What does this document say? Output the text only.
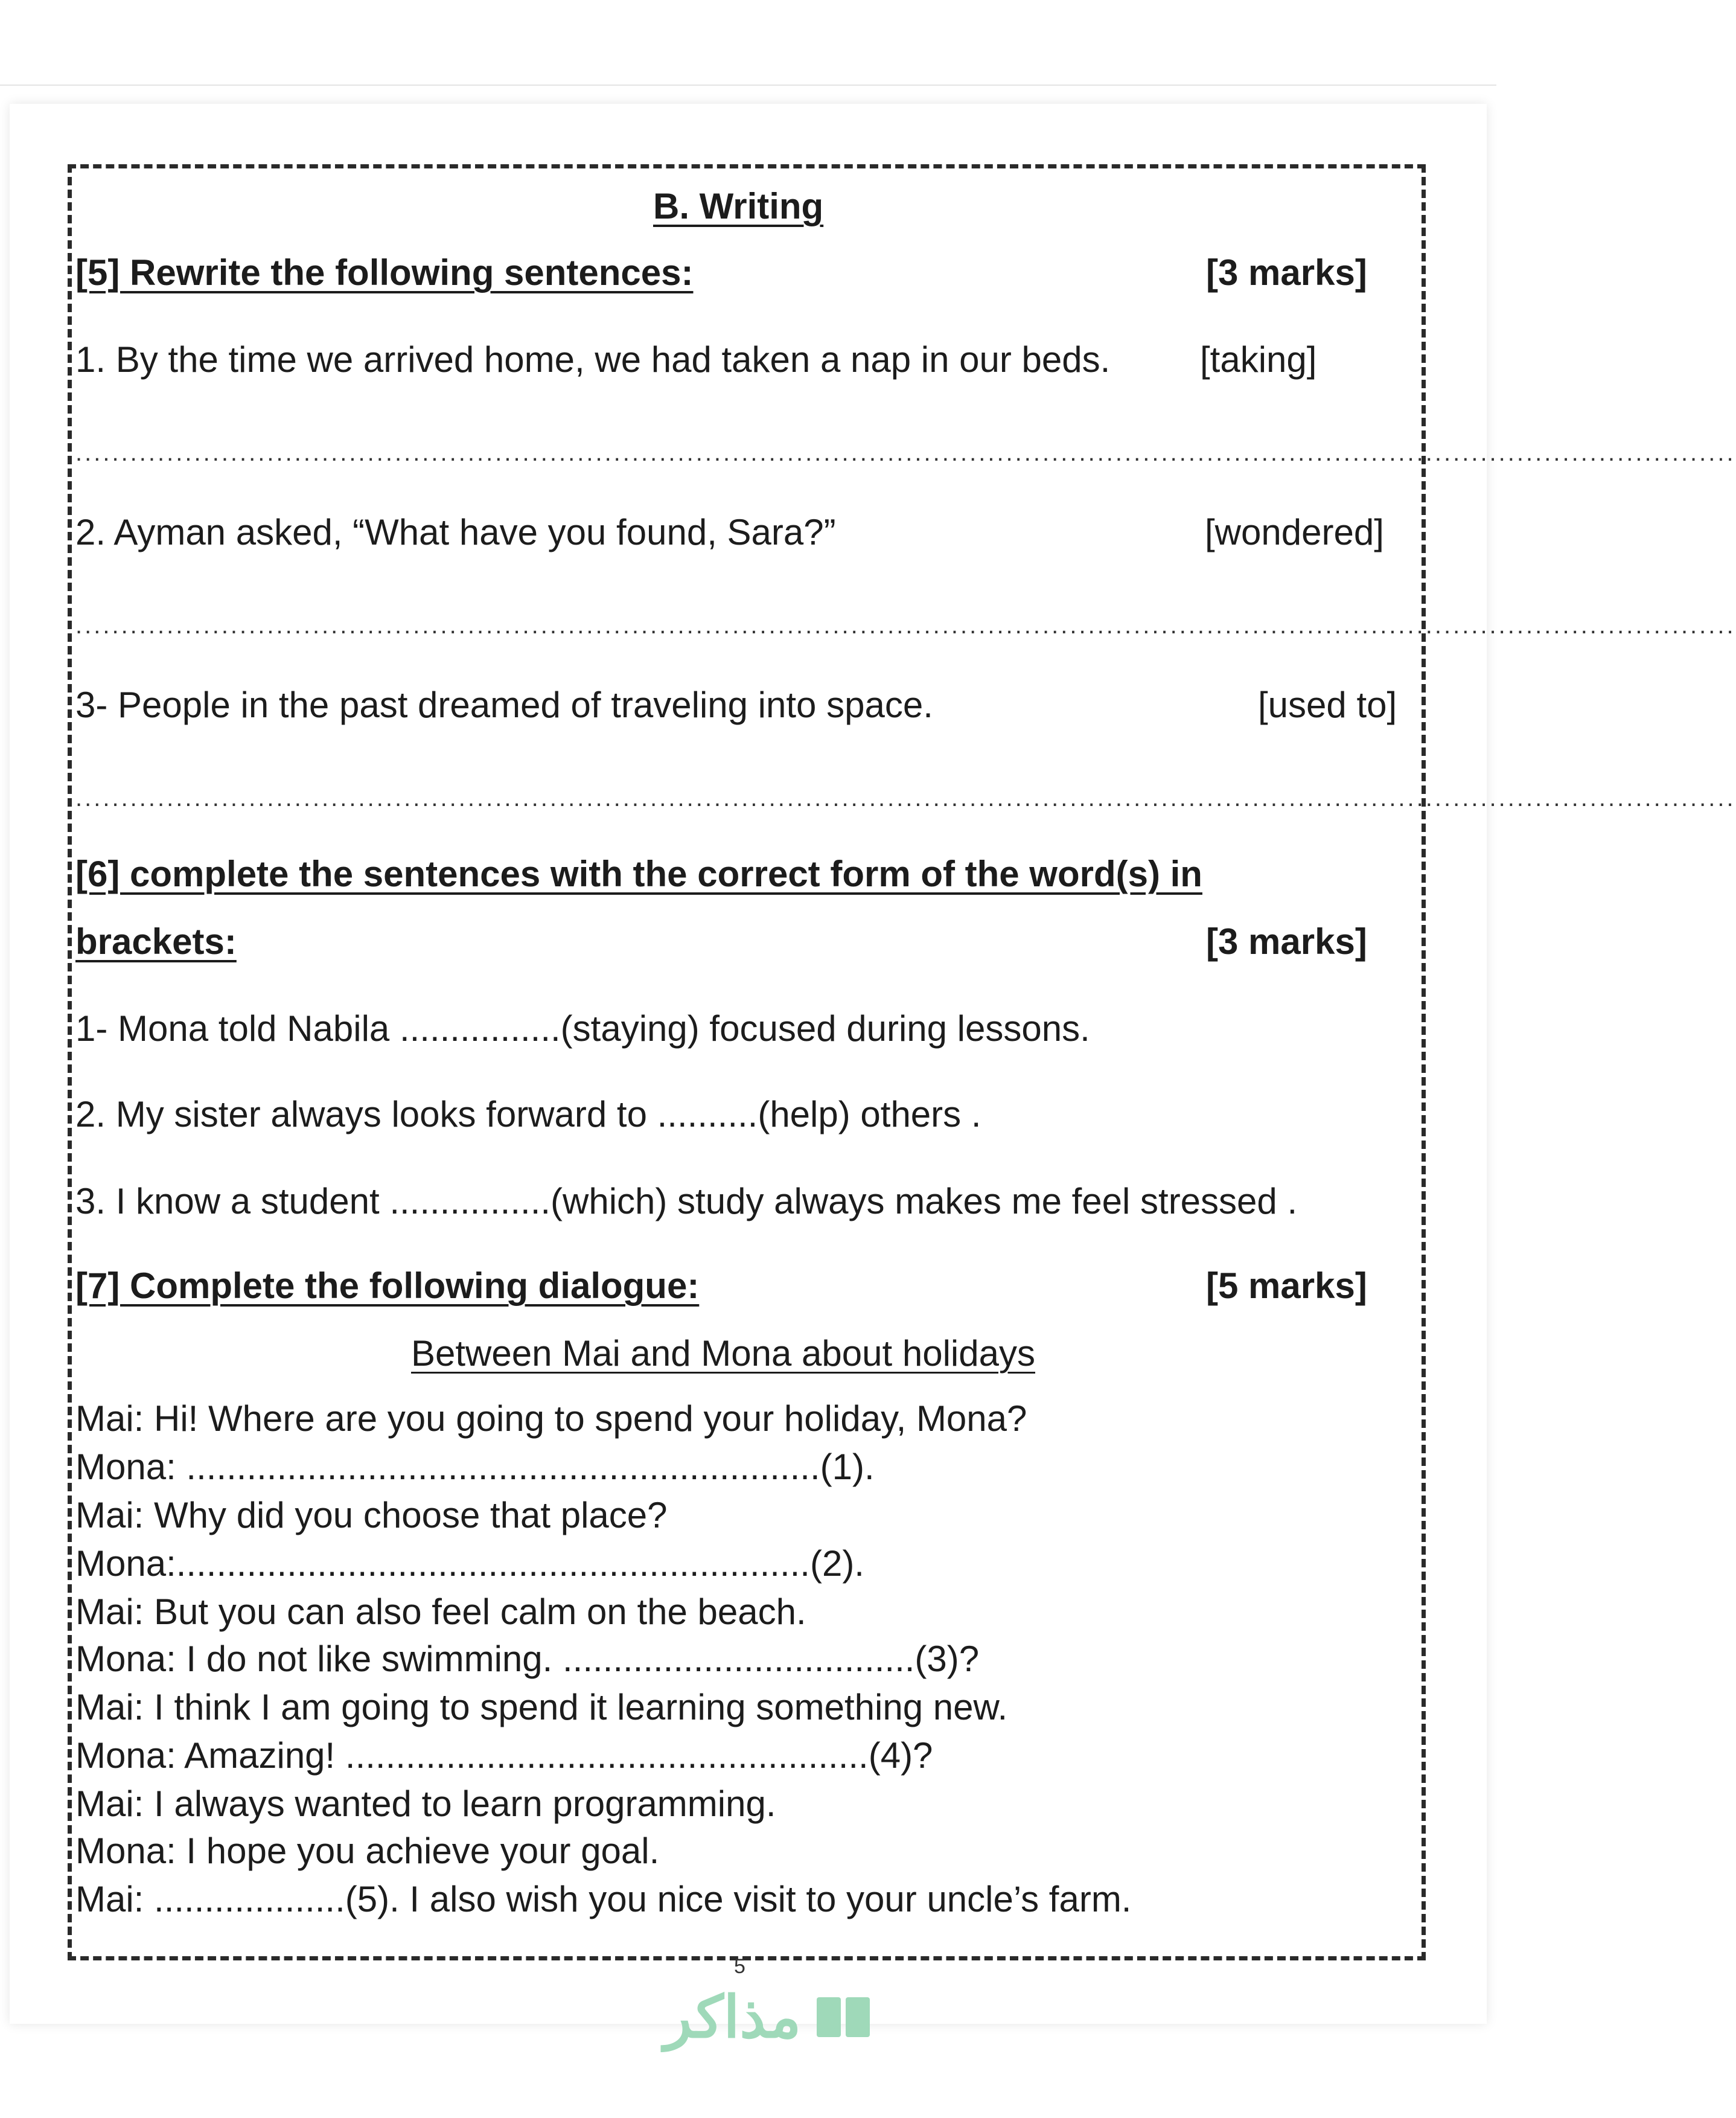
B. Writing
[5] Rewrite the following sentences:	[3 marks]
1. By the time we arrived home, we had taken a nap in our beds. [taking]
......................................................................................................................................................................................
2. Ayman asked, “What have you found, Sara?”	[wondered]
......................................................................................................................................................................................
3- People in the past dreamed of traveling into space.	[used to]
......................................................................................................................................................................................
[6] complete the sentences with the correct form of the word(s) in
brackets:	[3 marks]
1- Mona told Nabila ................(staying) focused during lessons.
2. My sister always looks forward to ..........(help) others .
3. I know a student ................(which) study always makes me feel stressed .
[7] Complete the following dialogue:	[5 marks]
Between Mai and Mona about holidays
Mai: Hi! Where are you going to spend your holiday, Mona?
Mona: ...............................................................(1).
Mai: Why did you choose that place?
Mona:...............................................................(2).
Mai: But you can also feel calm on the beach.
Mona: I do not like swimming. ...................................(3)?
Mai: I think I am going to spend it learning something new.
Mona: Amazing! ....................................................(4)?
Mai: I always wanted to learn programming.
Mona: I hope you achieve your goal.
Mai: ...................(5). I also wish you nice visit to your uncle’s farm.
5
مذاكر
